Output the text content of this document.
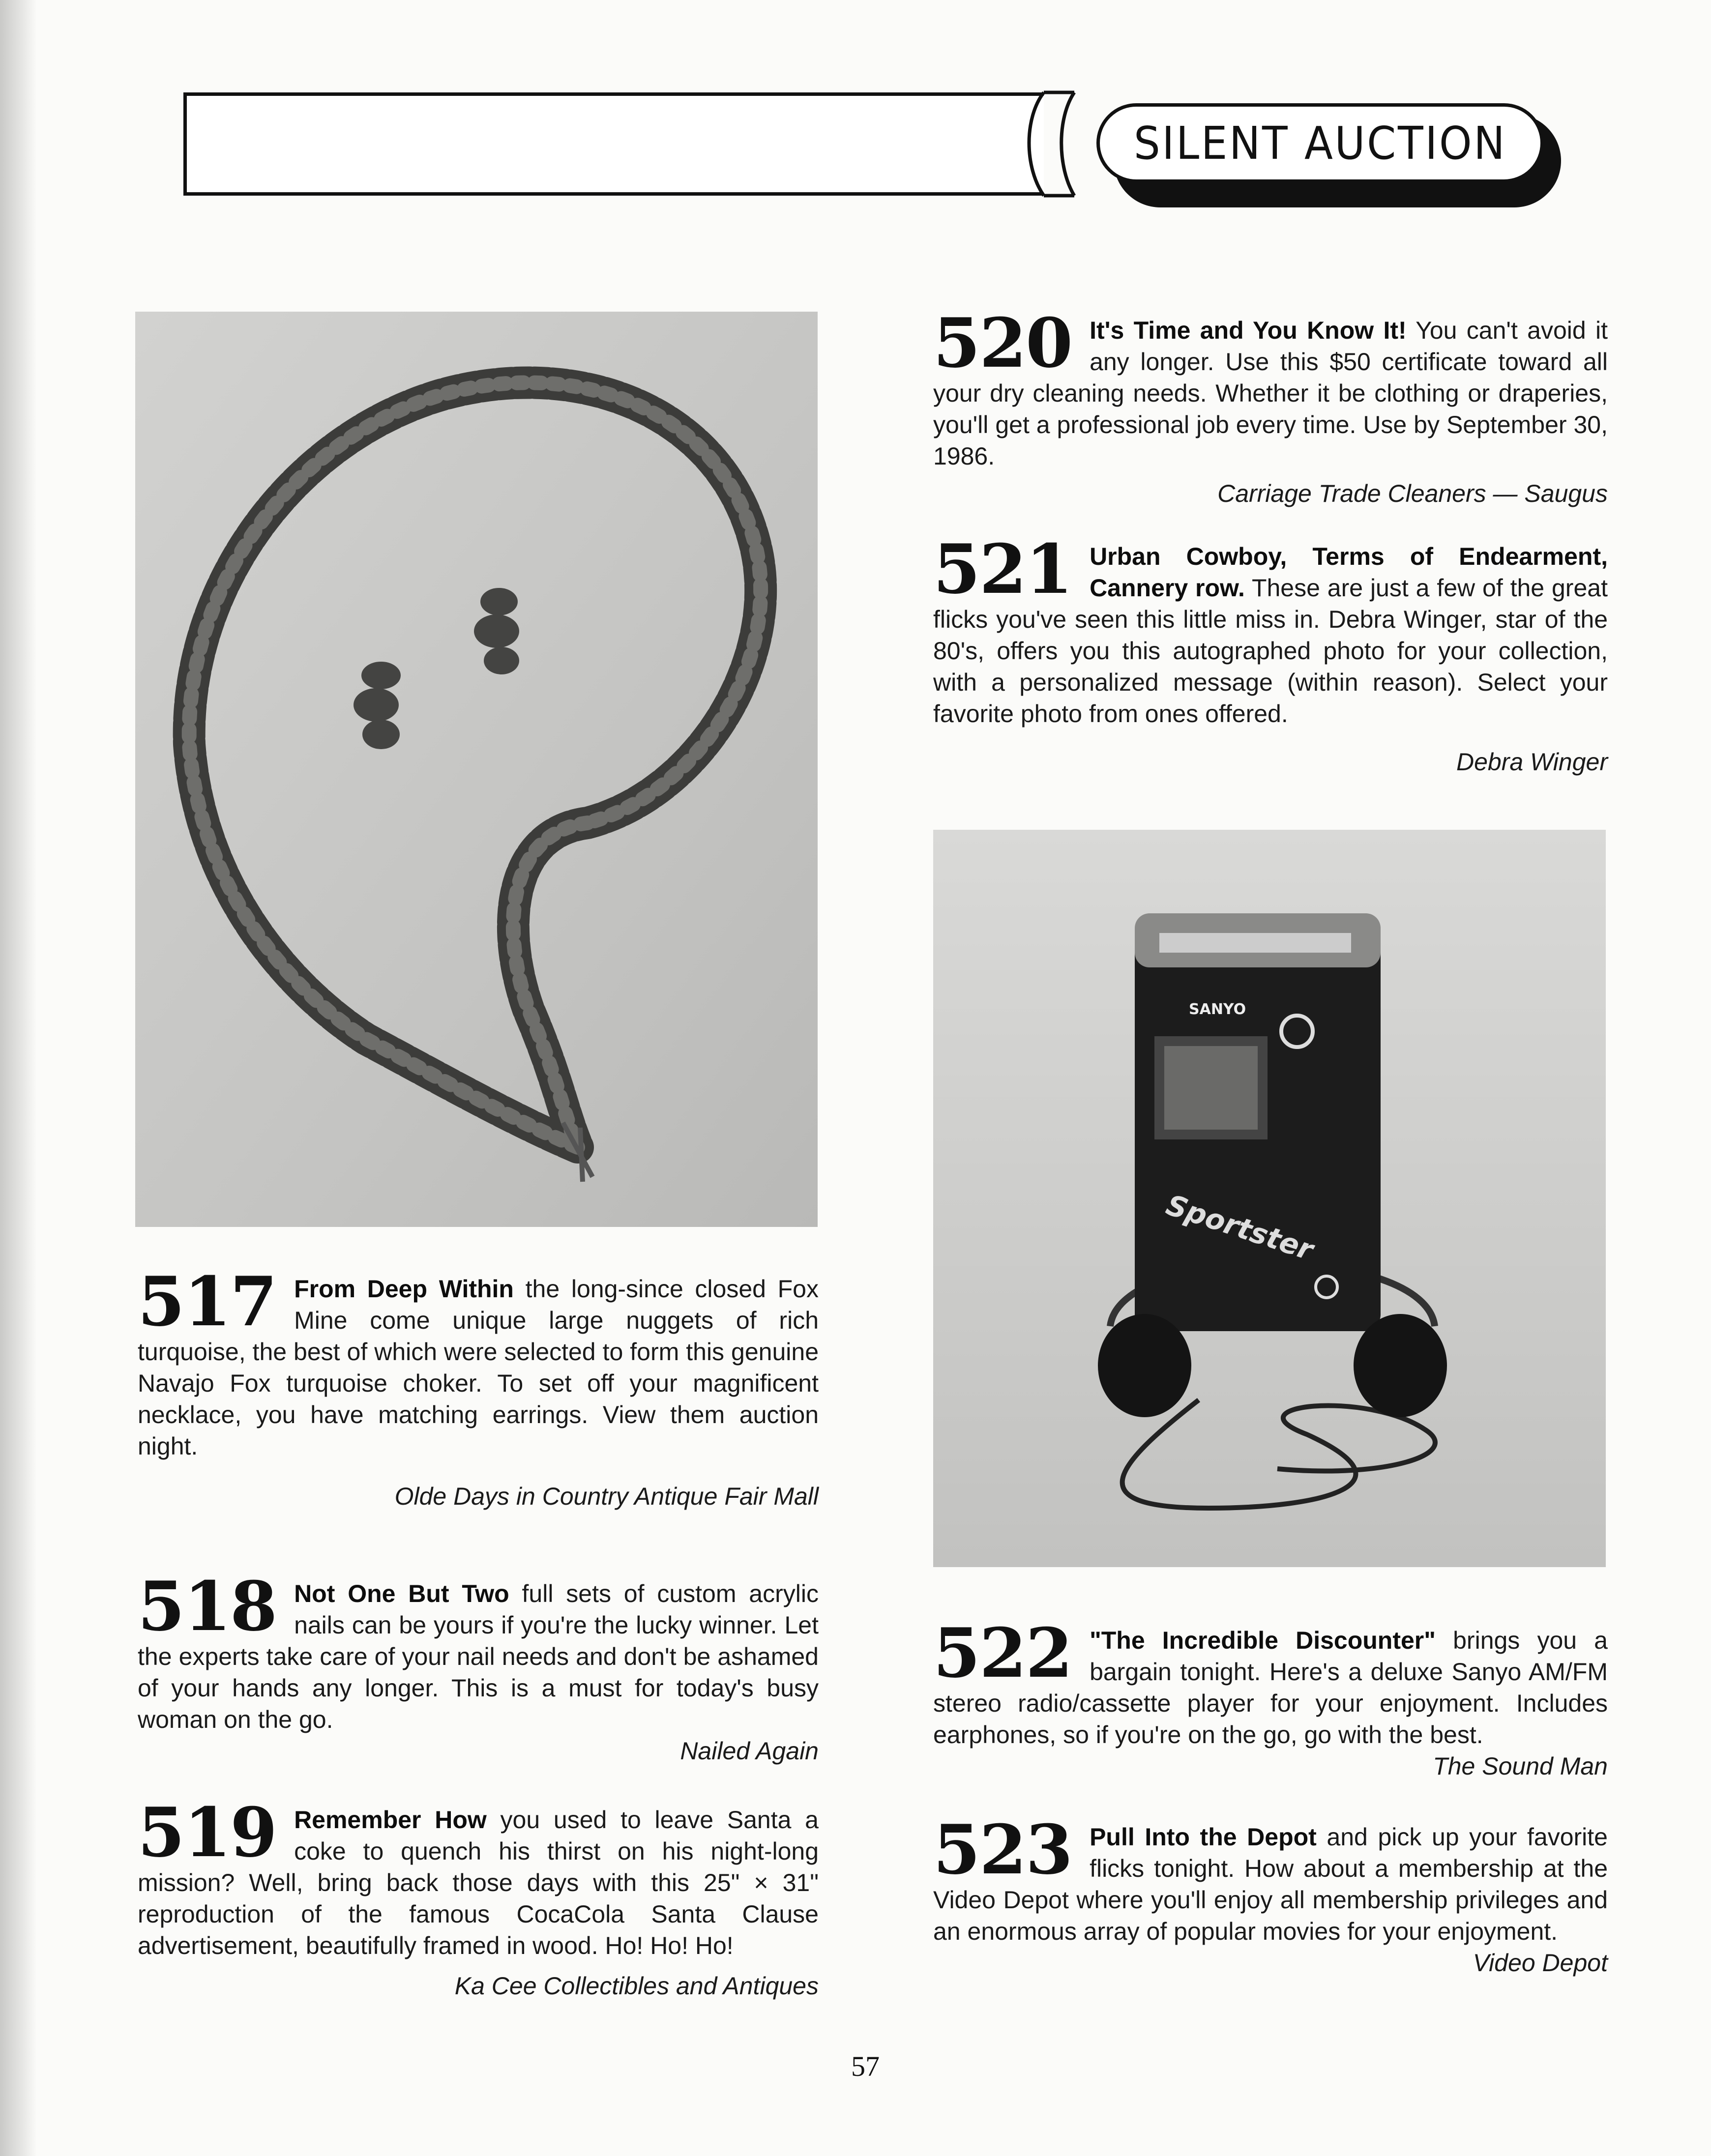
SILENT AUCTION
SANYO
Sportster
517 From Deep Within the long-since closed Fox Mine come unique large nuggets of rich turquoise, the best of which were selected to form this genuine Navajo Fox turquoise choker. To set off your magnificent necklace, you have matching earrings. View them auction night.
Olde Days in Country Antique Fair Mall
518 Not One But Two full sets of custom acrylic nails can be yours if you're the lucky winner. Let the experts take care of your nail needs and don't be ashamed of your hands any longer. This is a must for today's busy woman on the go.
Nailed Again
519 Remember How you used to leave Santa a coke to quench his thirst on his night-long mission? Well, bring back those days with this 25" × 31" reproduction of the famous CocaCola Santa Clause advertisement, beautifully framed in wood. Ho! Ho! Ho!
Ka Cee Collectibles and Antiques
520 It's Time and You Know It! You can't avoid it any longer. Use this $50 certificate toward all your dry cleaning needs. Whether it be clothing or draperies, you'll get a professional job every time. Use by September 30, 1986.
Carriage Trade Cleaners — Saugus
521 Urban Cowboy, Terms of Endearment, Cannery row. These are just a few of the great flicks you've seen this little miss in. Debra Winger, star of the 80's, offers you this autographed photo for your collection, with a personalized message (within reason). Select your favorite photo from ones offered.
Debra Winger
522 "The Incredible Discounter" brings you a bargain tonight. Here's a deluxe Sanyo AM/FM stereo radio/cassette player for your enjoyment. Includes earphones, so if you're on the go, go with the best.
The Sound Man
523 Pull Into the Depot and pick up your favorite flicks tonight. How about a membership at the Video Depot where you'll enjoy all membership privileges and an enormous array of popular movies for your enjoyment.
Video Depot
57
